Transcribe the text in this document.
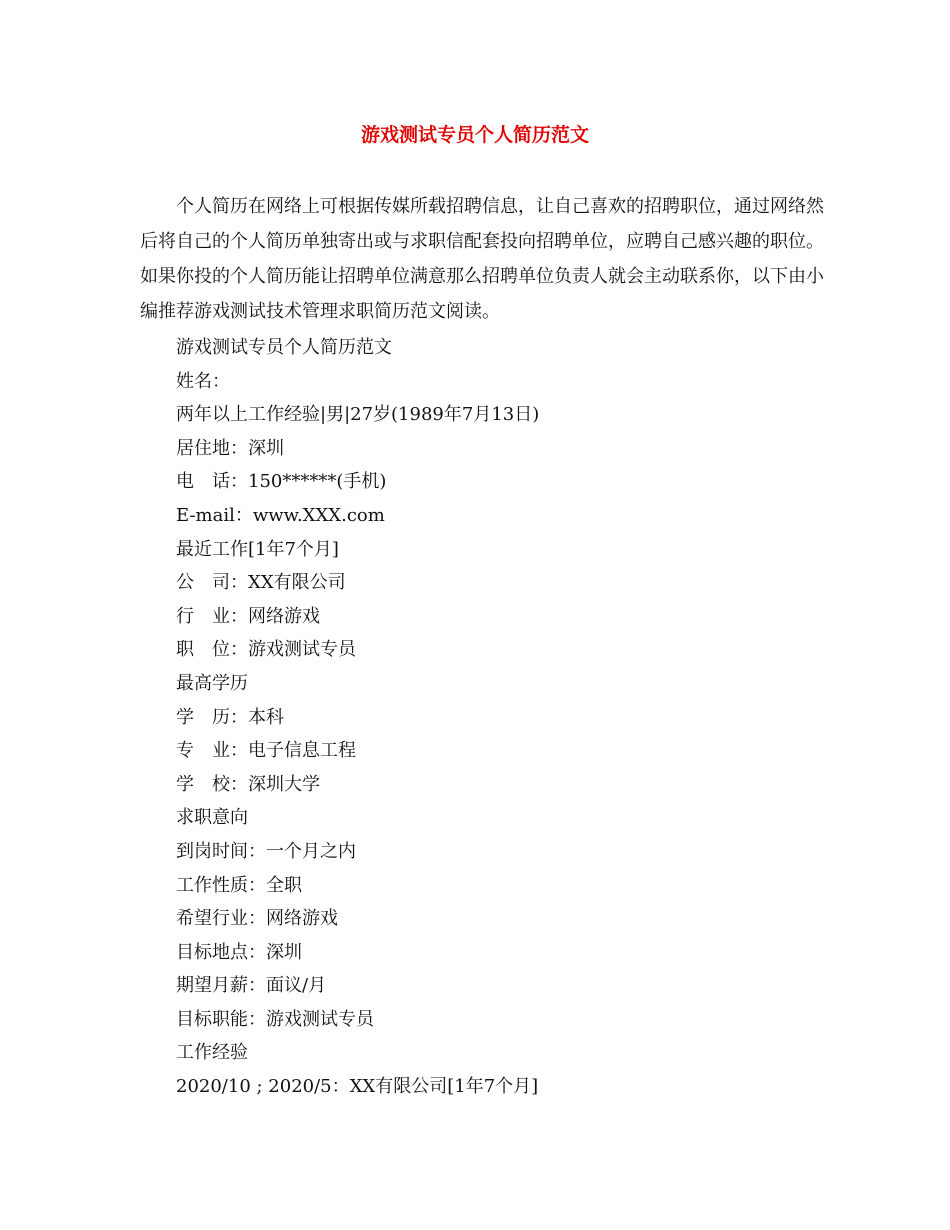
游戏测试专员个人简历范文

个人简历在网络上可根据传媒所载招聘信息，让自己喜欢的招聘职位，通过网络然后将自己的个人简历单独寄出或与求职信配套投向招聘单位，应聘自己感兴趣的职位。如果你投的个人简历能让招聘单位满意那么招聘单位负责人就会主动联系你，以下由小编推荐游戏测试技术管理求职简历范文阅读。

游戏测试专员个人简历范文
姓名：
两年以上工作经验|男|27岁(1989年7月13日)
居住地：深圳
电　话：150******(手机)
E-mail：www.XXX.com
最近工作[1年7个月]
公　司：XX有限公司
行　业：网络游戏
职　位：游戏测试专员
最高学历
学　历：本科
专　业：电子信息工程
学　校：深圳大学
求职意向
到岗时间：一个月之内
工作性质：全职
希望行业：网络游戏
目标地点：深圳
期望月薪：面议/月
目标职能：游戏测试专员
工作经验
2020/10 ; 2020/5：XX有限公司[1年7个月]
